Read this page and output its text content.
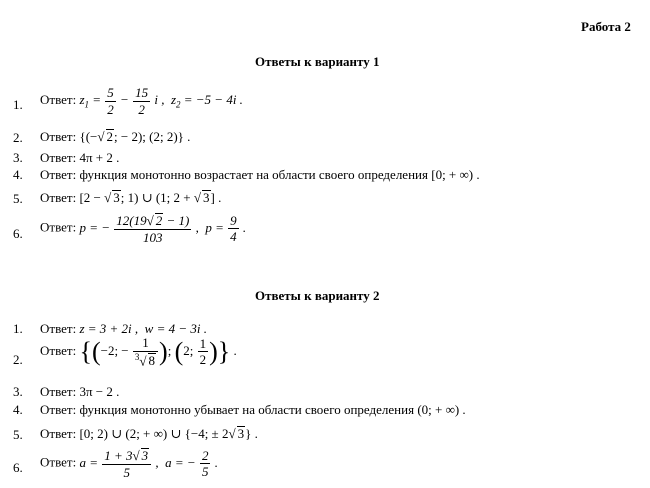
Работа 2
Ответы к варианту 1
1. Ответ: $z_1 = \frac{5}{2} - \frac{15}{2}$ i ,  $z_2 = -5 - 4i$ .
2. Ответ: {(−√ 2; − 2); (2; 2)} .
3. Ответ: 4π + 2 .
4. Ответ: функция монотонно возрастает на области своего определения [0; + ∞) .
5. Ответ: [2 − √ 3; 1) ∪ (1; 2 + √ 3] .
6. Ответ: p = − $\frac{12(19√ 2 - 1)}{103}$ ,  $p = \frac{9}{4}$ .
Ответы к варианту 2
1. Ответ: z = 3 + 2i ,  w = 4 − 3i .
2.
Ответ: {(−2; − $\frac{1}{^3√ 8}$ ); (2; $\frac{1}{2}$ )} .
3. Ответ: 3π − 2 .
4. Ответ: функция монотонно убывает на области своего определения (0; + ∞) .
5. Ответ: [0; 2) ∪ (2; + ∞) ∪ {−4; ± 2√ 3} .
6. Ответ: $a = \frac{1 + 3√ 3}{5}$ ,  a = − $\frac{2}{5}$ .
